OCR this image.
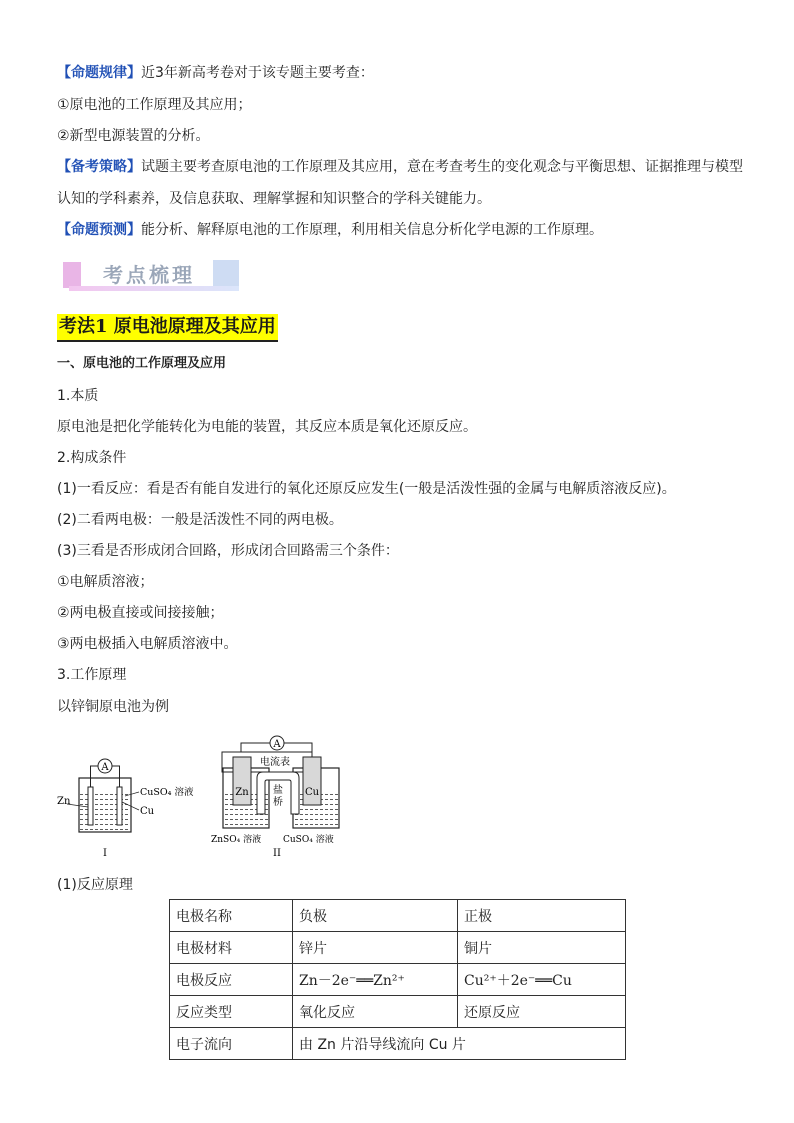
【命题规律】近3年新高考卷对于该专题主要考查：
①原电池的工作原理及其应用；
②新型电源装置的分析。
【备考策略】试题主要考查原电池的工作原理及其应用，意在考查考生的变化观念与平衡思想、证据推理与模型
认知的学科素养，及信息获取、理解掌握和知识整合的学科关键能力。
【命题预测】能分析、解释原电池的工作原理，利用相关信息分析化学电源的工作原理。
考点梳理
考法1 原电池原理及其应用
一、原电池的工作原理及应用
1.本质
原电池是把化学能转化为电能的装置，其反应本质是氧化还原反应。
2.构成条件
(1)一看反应：看是否有能自发进行的氧化还原反应发生(一般是活泼性强的金属与电解质溶液反应)。
(2)二看两电极：一般是活泼性不同的两电极。
(3)三看是否形成闭合回路，形成闭合回路需三个条件：
①电解质溶液；
②两电极直接或间接接触；
③两电极插入电解质溶液中。
3.工作原理
以锌铜原电池为例
A
Zn
Cu
CuSO₄ 溶液
I
A
电流表
Zn	Cu
盐
桥
ZnSO₄ 溶液 CuSO₄ 溶液
II
(1)反应原理
电极名称	负极	正极
电极材料	锌片	铜片
电极反应	Zn－2e⁻══Zn²⁺	Cu²⁺＋2e⁻══Cu
反应类型	氧化反应	还原反应
电子流向	由 Zn 片沿导线流向 Cu 片	
